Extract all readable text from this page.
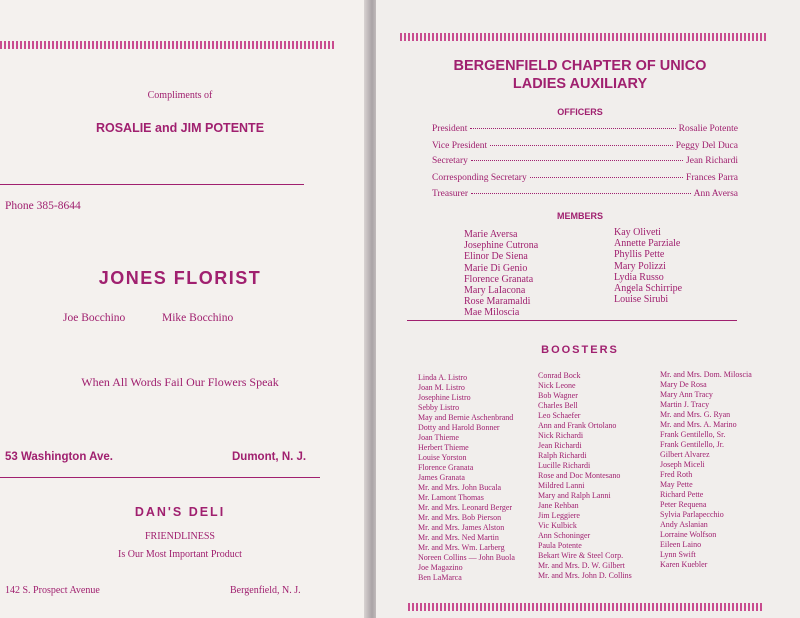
Compliments of
ROSALIE and JIM POTENTE
Phone 385-8644
JONES FLORIST
Joe Bocchino	Mike Bocchino
When All Words Fail Our Flowers Speak
53 Washington Ave.	Dumont, N. J.
DAN'S DELI
FRIENDLINESS
Is Our Most Important Product
142 S. Prospect Avenue	Bergenfield, N. J.
BERGENFIELD CHAPTER OF UNICO
LADIES AUXILIARY
OFFICERS
President	Rosalie Potente
Vice President	Peggy Del Duca
Secretary	Jean Richardi
Corresponding Secretary	Frances Parra
Treasurer	Ann Aversa
MEMBERS
Marie Aversa
Josephine Cutrona
Elinor De Siena
Marie Di Genio
Florence Granata
Mary LaIacona
Rose Maramaldi
Mae Miloscia
Kay Oliveti
Annette Parziale
Phyllis Pette
Mary Polizzi
Lydia Russo
Angela Schirripe
Louise Sirubi
BOOSTERS
Linda A. Listro
Joan M. Listro
Josephine Listro
Sebby Listro
May and Bernie Aschenbrand
Dotty and Harold Bonner
Joan Thieme
Herbert Thieme
Louise Yorston
Florence Granata
James Granata
Mr. and Mrs. John Bucala
Mr. Lamont Thomas
Mr. and Mrs. Leonard Berger
Mr. and Mrs. Bob Pierson
Mr. and Mrs. James Alston
Mr. and Mrs. Ned Martin
Mr. and Mrs. Wm. Larberg
Noreen Collins — John Buola
Joe Magazino
Ben LaMarca
Conrad Bock
Nick Leone
Bob Wagner
Charles Bell
Leo Schaefer
Ann and Frank Ortolano
Nick Richardi
Jean Richardi
Ralph Richardi
Lucille Richardi
Rose and Doc Montesano
Mildred Lanni
Mary and Ralph Lanni
Jane Rehban
Jim Leggiere
Vic Kulbick
Ann Schoninger
Paula Potente
Bekart Wire & Steel Corp.
Mr. and Mrs. D. W. Gilbert
Mr. and Mrs. John D. Collins
Mr. and Mrs. Dom. Miloscia
Mary De Rosa
Mary Ann Tracy
Martin J. Tracy
Mr. and Mrs. G. Ryan
Mr. and Mrs. A. Marino
Frank Gentilello, Sr.
Frank Gentilello, Jr.
Gilbert Alvarez
Joseph Miceli
Fred Roth
May Pette
Richard Pette
Peter Requena
Sylvia Parlapecchio
Andy Aslanian
Lorraine Wolfson
Eileen Laino
Lynn Swift
Karen Kuebler
